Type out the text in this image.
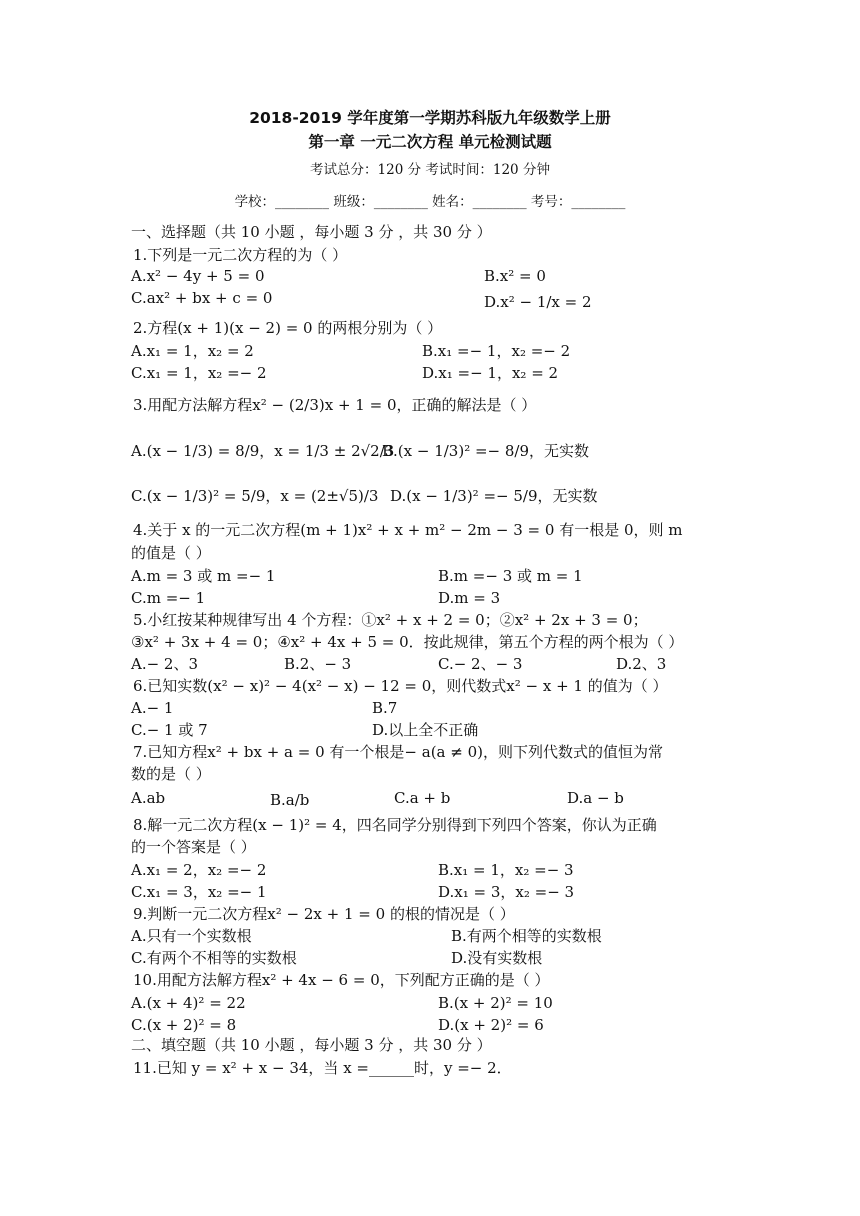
2018-2019 学年度第一学期苏科版九年级数学上册
第一章 一元二次方程 单元检测试题
考试总分：120 分 考试时间：120 分钟
学校：________ 班级：________ 姓名：________ 考号：________
一、选择题（共 10 小题 ，每小题 3 分 ，共 30 分 ）
1.下列是一元二次方程的为（ ）
A.x² − 4y + 5 = 0	B.x² = 0
C.ax² + bx + c = 0	D.x² − 1/x = 2
2.方程(x + 1)(x − 2) = 0 的两根分别为（ ）
A.x₁ = 1，x₂ = 2	B.x₁ =− 1，x₂ =− 2
C.x₁ = 1，x₂ =− 2	D.x₁ =− 1，x₂ = 2
3.用配方法解方程x² − (2/3)x + 1 = 0，正确的解法是（ ）
A.(x − 1/3) = 8/9，x = 1/3 ± 2√2/3
B.(x − 1/3)² =− 8/9，无实数
C.(x − 1/3)² = 5/9，x = (2±√5)/3 D.(x − 1/3)² =− 5/9，无实数
4.关于 x 的一元二次方程(m + 1)x² + x + m² − 2m − 3 = 0 有一根是 0，则 m
的值是（ ）
A.m = 3 或 m =− 1	B.m =− 3 或 m = 1
C.m =− 1	D.m = 3
5.小红按某种规律写出 4 个方程：①x² + x + 2 = 0；②x² + 2x + 3 = 0；
③x² + 3x + 4 = 0；④x² + 4x + 5 = 0．按此规律，第五个方程的两个根为（ ）
A.− 2、3	B.2、− 3	C.− 2、− 3	D.2、3
6.已知实数(x² − x)² − 4(x² − x) − 12 = 0，则代数式x² − x + 1 的值为（ ）
A.− 1	B.7
C.− 1 或 7	D.以上全不正确
7.已知方程x² + bx + a = 0 有一个根是− a(a ≠ 0)，则下列代数式的值恒为常
数的是（ ）
A.ab	B.a/b	C.a + b	D.a − b
8.解一元二次方程(x − 1)² = 4，四名同学分别得到下列四个答案，你认为正确
的一个答案是（ ）
A.x₁ = 2，x₂ =− 2	B.x₁ = 1，x₂ =− 3
C.x₁ = 3，x₂ =− 1	D.x₁ = 3，x₂ =− 3
9.判断一元二次方程x² − 2x + 1 = 0 的根的情况是（ ）
A.只有一个实数根	B.有两个相等的实数根
C.有两个不相等的实数根	D.没有实数根
10.用配方法解方程x² + 4x − 6 = 0，下列配方正确的是（ ）
A.(x + 4)² = 22	B.(x + 2)² = 10
C.(x + 2)² = 8	D.(x + 2)² = 6
二、填空题（共 10 小题 ，每小题 3 分 ，共 30 分 ）
11.已知 y = x² + x − 34，当 x =______时，y =− 2．
